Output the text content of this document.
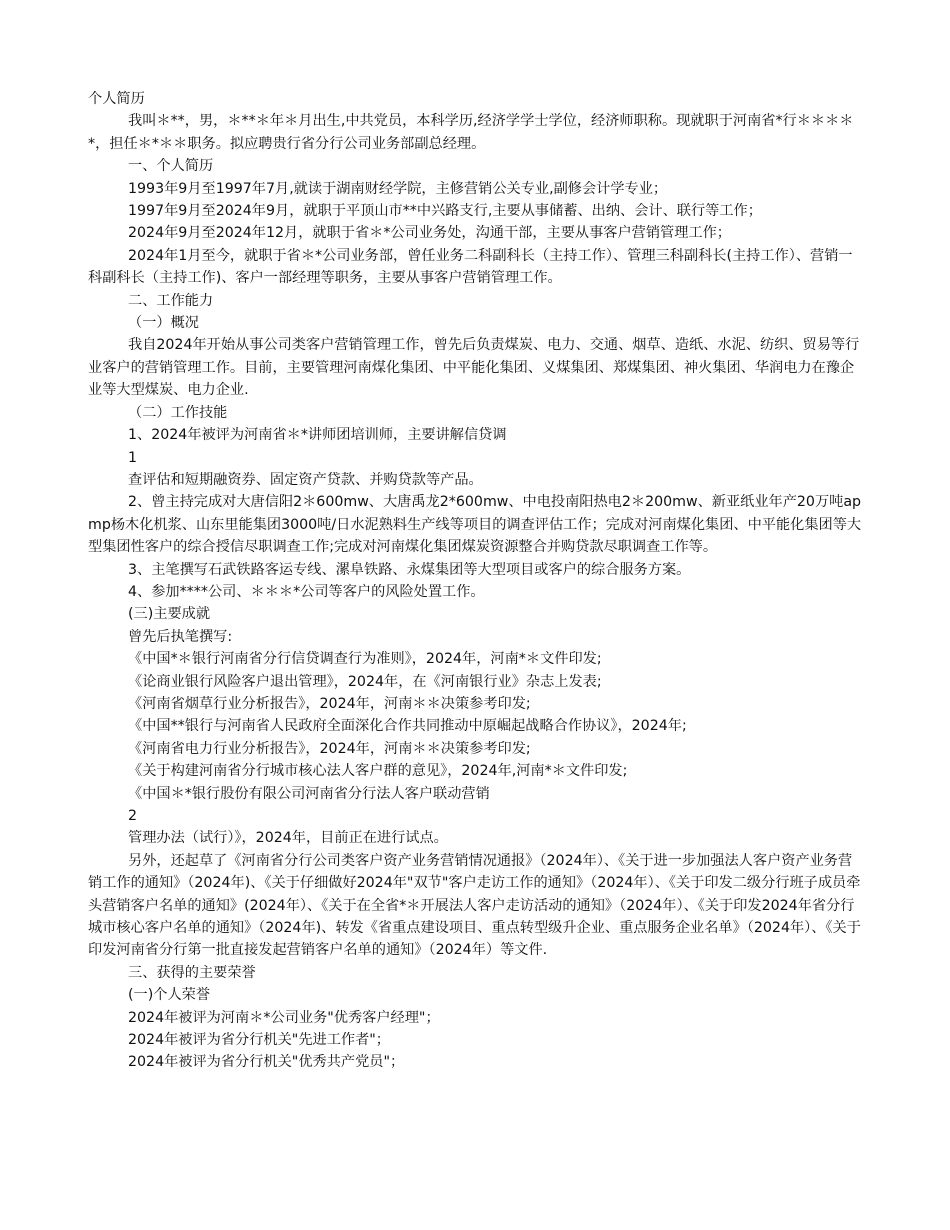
个人简历

我叫＊**，男，＊**＊年＊月出生,中共党员，本科学历,经济学学士学位，经济师职称。现就职于河南省*行＊＊＊＊*，担任＊*＊＊职务。拟应聘贵行省分行公司业务部副总经理。

一、个人简历

1993年9月至1997年7月,就读于湖南财经学院，主修营销公关专业,副修会计学专业；

1997年9月至2024年9月，就职于平顶山市**中兴路支行,主要从事储蓄、出纳、会计、联行等工作；

2024年9月至2024年12月，就职于省＊*公司业务处，沟通干部，主要从事客户营销管理工作；

2024年1月至今，就职于省＊*公司业务部，曾任业务二科副科长（主持工作）、管理三科副科长(主持工作）、营销一科副科长（主持工作)、客户一部经理等职务，主要从事客户营销管理工作。

二、工作能力

（一）概况

我自2024年开始从事公司类客户营销管理工作，曾先后负责煤炭、电力、交通、烟草、造纸、水泥、纺织、贸易等行业客户的营销管理工作。目前，主要管理河南煤化集团、中平能化集团、义煤集团、郑煤集团、神火集团、华润电力在豫企业等大型煤炭、电力企业.

（二）工作技能

1、2024年被评为河南省＊*讲师团培训师，主要讲解信贷调

1

查评估和短期融资券、固定资产贷款、并购贷款等产品。

2、曾主持完成对大唐信阳2＊600mw、大唐禹龙2*600mw、中电投南阳热电2＊200mw、新亚纸业年产20万吨apmp杨木化机浆、山东里能集团3000吨/日水泥熟料生产线等项目的调查评估工作；完成对河南煤化集团、中平能化集团等大型集团性客户的综合授信尽职调查工作;完成对河南煤化集团煤炭资源整合并购贷款尽职调查工作等。

3、主笔撰写石武铁路客运专线、漯阜铁路、永煤集团等大型项目或客户的综合服务方案。

4、参加****公司、＊＊＊*公司等客户的风险处置工作。

(三)主要成就

曾先后执笔撰写:

《中国*＊银行河南省分行信贷调查行为准则》，2024年，河南*＊文件印发;

《论商业银行风险客户退出管理》，2024年，在《河南银行业》杂志上发表;

《河南省烟草行业分析报告》，2024年，河南＊＊决策参考印发;

《中国**银行与河南省人民政府全面深化合作共同推动中原崛起战略合作协议》，2024年;

《河南省电力行业分析报告》，2024年，河南＊＊决策参考印发;

《关于构建河南省分行城市核心法人客户群的意见》，2024年,河南*＊文件印发;

《中国＊*银行股份有限公司河南省分行法人客户联动营销

2

管理办法（试行）》，2024年，目前正在进行试点。

另外，还起草了《河南省分行公司类客户资产业务营销情况通报》（2024年）、《关于进一步加强法人客户资产业务营销工作的通知》（2024年)、《关于仔细做好2024年"双节"客户走访工作的通知》（2024年）、《关于印发二级分行班子成员牵头营销客户名单的通知》(2024年）、《关于在全省*＊开展法人客户走访活动的通知》（2024年）、《关于印发2024年省分行城市核心客户名单的通知》（2024年)、转发《省重点建设项目、重点转型级升企业、重点服务企业名单》（2024年）、《关于印发河南省分行第一批直接发起营销客户名单的通知》（2024年）等文件.

三、获得的主要荣誉

(一)个人荣誉

2024年被评为河南＊*公司业务"优秀客户经理"；

2024年被评为省分行机关"先进工作者"；

2024年被评为省分行机关"优秀共产党员"；
